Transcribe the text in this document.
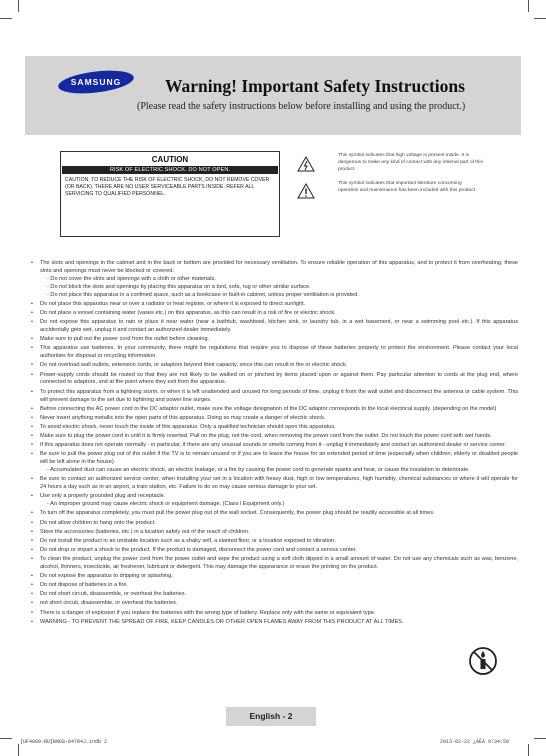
SAMSUNG	Warning! Important Safety Instructions
(Please read the safety instructions below before installing and using the product.)
CAUTION
RISK OF ELECTRIC SHOCK. DO NOT OPEN.
CAUTION: TO REDUCE THE RISK OF ELECTRIC SHOCK, DO NOT REMOVE COVER (OR BACK). THERE ARE NO USER SERVICEABLE PARTS INSIDE. REFER ALL SERVICING TO QUALIFIED PERSONNEL.
This symbol indicates that high voltage is present inside. It is dangerous to make any kind of contact with any internal part of this product.
This symbol indicates that important literature concerning operation and maintenance has been included with this product.
• The slots and openings in the cabinet and in the back or bottom are provided for necessary ventilation. To ensure reliable operation of this apparatus, and to protect it from overheating, these slots and openings must never be blocked or covered.
- Do not cover the slots and openings with a cloth or other materials.
- Do not block the slots and openings by placing this apparatus on a bed, sofa, rug or other similar surface.
- Do not place this apparatus in a confined space, such as a bookcase or built-in cabinet, unless proper ventilation is provided.
• Do not place this apparatus near or over a radiator or heat register, or where it is exposed to direct sunlight.
• Do not place a vessel containing water (vases etc.) on this apparatus, as this can result in a risk of fire or electric shock.
• Do not expose this apparatus to rain or place it near water (near a bathtub, washbowl, kitchen sink, or laundry tub, in a wet basement, or near a swimming pool etc.). If this apparatus accidentally gets wet, unplug it and contact an authorized dealer immediately.
• Make sure to pull out the power cord from the outlet before cleaning.
• This apparatus use batteries. In your community, there might be regulations that require you to dispose of these batteries properly to protect the environment. Please contact your local authorities for disposal or recycling information.
• Do not overload wall outlets, extension cords, or adaptors beyond their capacity, since this can result in fire or electric shock.
• Power-supply cords should be routed so that they are not likely to be walked on or pinched by items placed upon or against them. Pay particular attention to cords at the plug end, where connected to adaptors, and at the point where they exit from the apparatus.
• To protect this apparatus from a lightning storm, or when it is left unattended and unused for long periods of time, unplug it from the wall outlet and disconnect the antenna or cable system. This will prevent damage to the set due to lightning and power line surges.
• Before connecting the AC power cord to the DC adaptor outlet, make sure the voltage designation of the DC adaptor corresponds to the local electrical supply. (depending on the model)
• Never insert anything metallic into the open parts of this apparatus. Doing so may create a danger of electric shock.
• To avoid electric shock, never touch the inside of this apparatus. Only a qualified technician should open this apparatus.
• Make sure to plug the power cord in until it is firmly inserted. Pull on the plug, not the cord, when removing the power cord from the outlet. Do not touch the power cord with wet hands.
• If this apparatus does not operate normally - in particular, if there are any unusual sounds or smells coming from it - unplug it immediately and contact an authorized dealer or service center.
• Be sure to pull the power plug out of the outlet if the TV is to remain unused or if you are to leave the house for an extended period of time (especially when children, elderly or disabled people will be left alone in the house).
- Accumulated dust can cause an electric shock, an electric leakage, or a fire by causing the power cord to generate sparks and heat, or cause the insulation to deteriorate.
• Be sure to contact an authorized service center, when installing your set in a location with heavy dust, high or low temperatures, high humidity, chemical substances or where it will operate for 24 hours a day such as in an airport, a train station, etc. Failure to do so may cause serious damage to your set.
• Use only a properly grounded plug and receptacle.
- An improper ground may cause electric shock or equipment damage. (Class l Equipment only.)
• To turn off the apparatus completely, you must pull the power plug out of the wall socket. Consequently, the power plug should be readily accessible at all times.
• Do not allow children to hang onto the product.
• Store the accessories (batteries, etc.) in a location safely out of the reach of children.
• Do not install the product in an unstable location such as a shaky self, a slanted floor, or a location exposed to vibration.
• Do not drop or impart a shock to the product. If the product is damaged, disconnect the power cord and contact a service center.
• To clean the product, unplug the power cord from the power outlet and wipe the product using a soft cloth dipped in a small amount of water. Do not use any chemicals such as wax, benzene, alcohol, thinners, insecticide, air freshener, lubricant or detergent. This may damage the appearance or erase the printing on the product.
• Do not expose the apparatus to dripping or splashing.
• Do not dispose of batteries in a fire.
• Do not short circuit, disassemble, or overheat the batteries.
• not short circuit, disassemble, or overheat the batteries.
• There is a danger of explosion if you replace the batteries with the wrong type of battery. Replace only with the same or equivalent type.
• WARNING - TO PREVENT THE SPREAD OF FIRE, KEEP CANDLES OR OTHER OPEN FLAMES AWAY FROM THIS PRODUCT AT ALL TIMES.
English - 2
[UF4000-RU]BN68-04784J.indb 2	2013-02-22 ¿ÀÈÄ 9:34:50
